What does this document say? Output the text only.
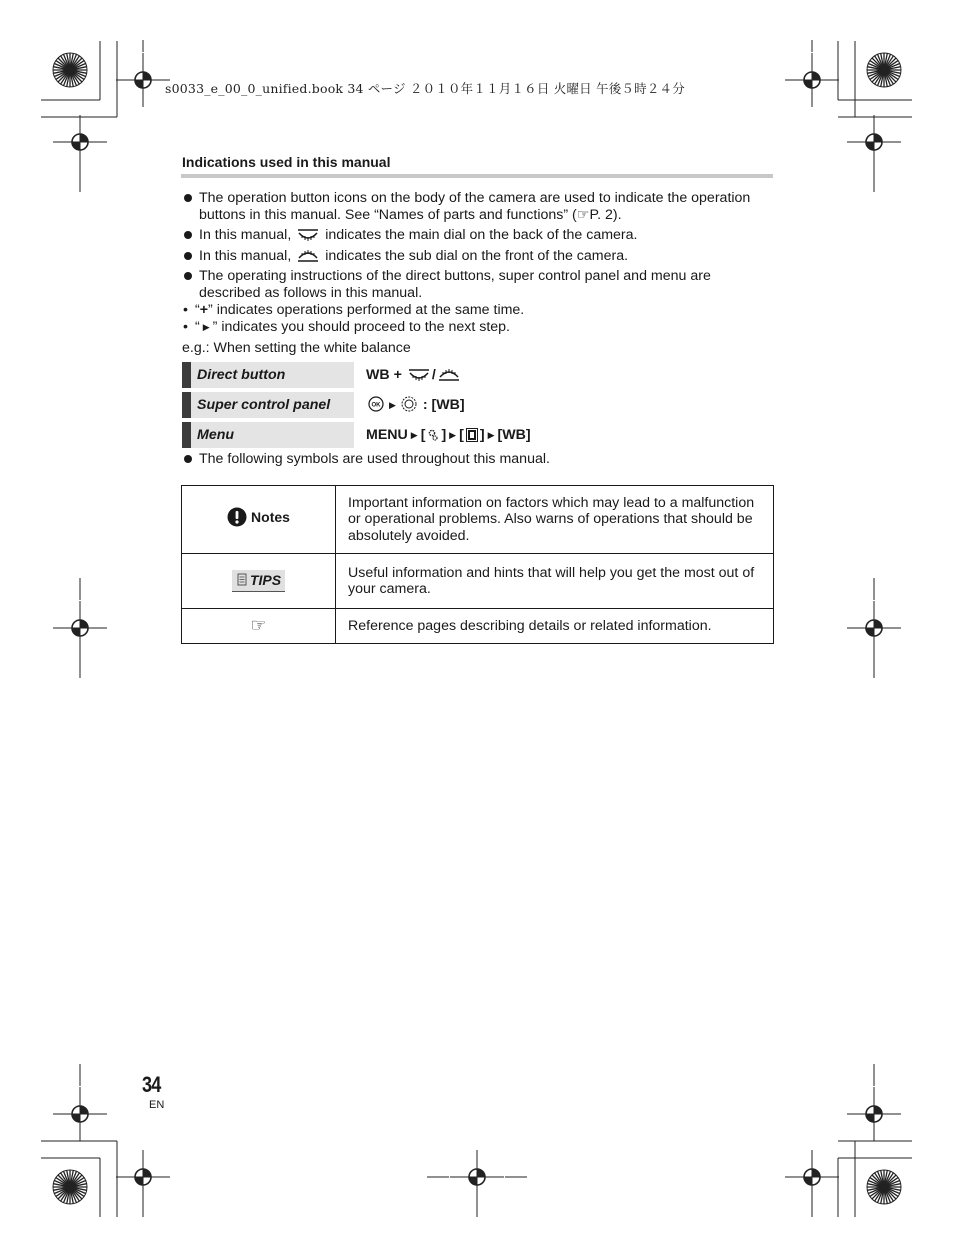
s0033_e_00_0_unified.book 34 ページ ２０１０年１１月１６日 火曜日 午後５時２４分
Indications used in this manual
The operation button icons on the body of the camera are used to indicate the operation buttons in this manual. See “Names of parts and functions” (☞P. 2).
In this manual, indicates the main dial on the back of the camera.
In this manual, indicates the sub dial on the front of the camera.
The operating instructions of the direct buttons, super control panel and menu are described as follows in this manual.
• “+” indicates operations performed at the same time.
• “ ▶ ” indicates you should proceed to the next step.
e.g.: When setting the white balance
Direct button	WB + /
Super control panel	OK ▶ : [WB]
Menu	MENU ▶ [ ] ▶ [ ] ▶ [WB]
The following symbols are used throughout this manual.
Notes	Important information on factors which may lead to a malfunction or operational problems. Also warns of operations that should be absolutely avoided.

TIPS	Useful information and hints that will help you get the most out of your camera.
☞	Reference pages describing details or related information.
34
EN
